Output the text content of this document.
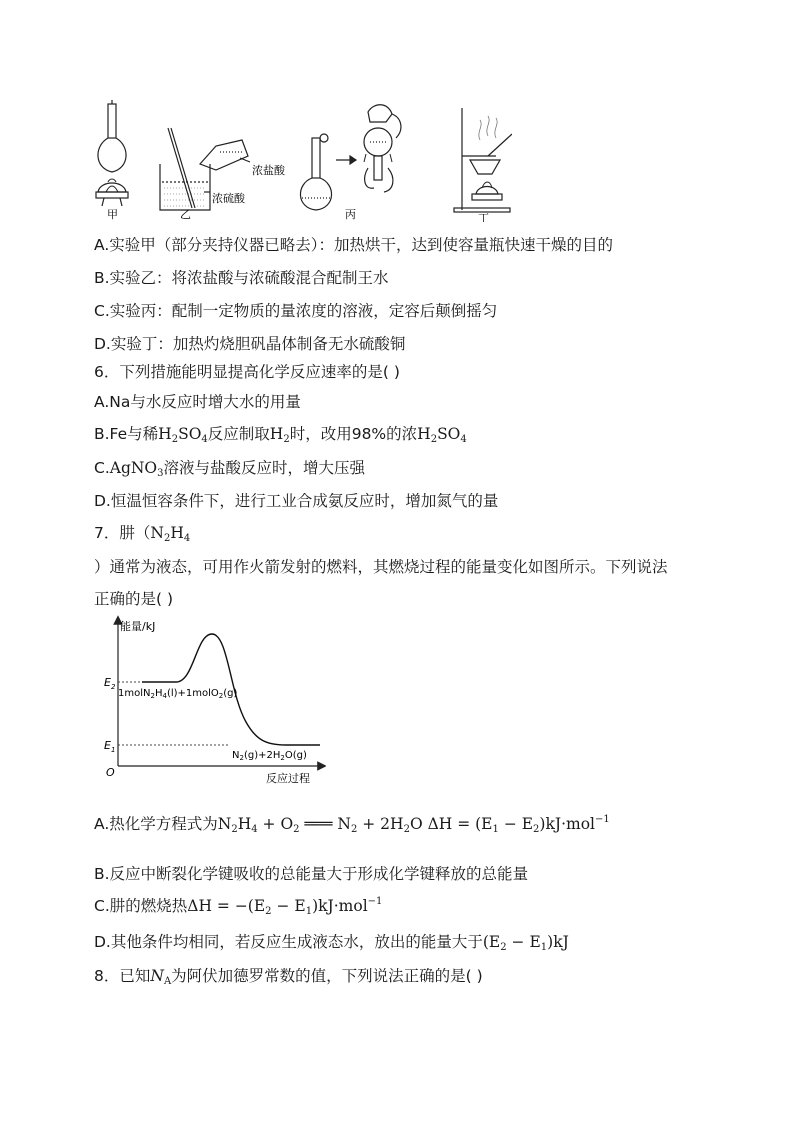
甲	乙	丙	丁
浓盐酸
浓硫酸
A.实验甲（部分夹持仪器已略去）：加热烘干，达到使容量瓶快速干燥的目的
B.实验乙：将浓盐酸与浓硫酸混合配制王水
C.实验丙：配制一定物质的量浓度的溶液，定容后颠倒摇匀
D.实验丁：加热灼烧胆矾晶体制备无水硫酸铜
6．下列措施能明显提高化学反应速率的是( )
A.Na与水反应时增大水的用量
B.Fe与稀$H_2SO_4$反应制取$H_2$时，改用98%的浓$H_2SO_4$
C.AgNO$_3$溶液与盐酸反应时，增大压强
D.恒温恒容条件下，进行工业合成氨反应时，增加氮气的量
7．肼（$N_2H_4$
）通常为液态，可用作火箭发射的燃料，其燃烧过程的能量变化如图所示。下列说法
正确的是( )
能量/kJ
反应过程
O
$E_2$
$E_1$
$1molN_2H_4(l)+1molO_2(g)$
$N_2(g)+2H_2O(g)$
A.热化学方程式为$N_2H_4 + O_2$ ═══ $N_2 + 2H_2O$ $\Delta H = (E_1 - E_2)kJ\cdot mol^{-1}$
B.反应中断裂化学键吸收的总能量大于形成化学键释放的总能量
C.肼的燃烧热$\Delta H = -(E_2 - E_1)kJ\cdot mol^{-1}$
D.其他条件均相同，若反应生成液态水，放出的能量大于$(E_2 - E_1)kJ$
8．已知$N_A$为阿伏加德罗常数的值，下列说法正确的是( )
